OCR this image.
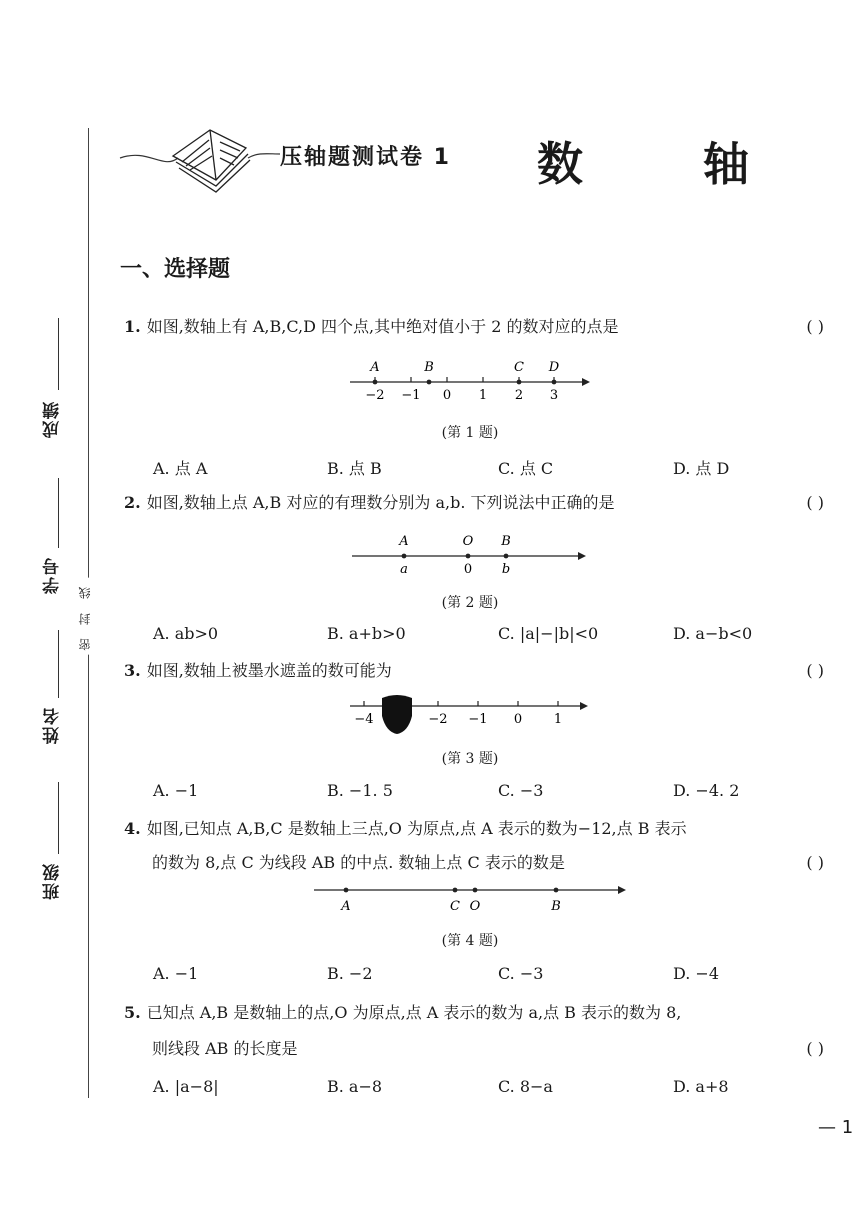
成绩
学号
密 封 线
姓名
班级
压轴题测试卷 1 数 轴
一、选择题
1. 如图,数轴上有 A,B,C,D 四个点,其中绝对值小于 2 的数对应的点是	( )
A	B	C D
−2 −1 0 1 2 3
(第 1 题)
A. 点 A	B. 点 B	C. 点 C	D. 点 D
2. 如图,数轴上点 A,B 对应的有理数分别为 a,b. 下列说法中正确的是	( )
A	O B
a	b
0
(第 2 题)
A. ab>0	B. a+b>0	C. |a|−|b|<0	D. a−b<0
3. 如图,数轴上被墨水遮盖的数可能为	( )
−4	−2 −1 0 1
(第 3 题)
A. −1	B. −1. 5	C. −3	D. −4. 2
4. 如图,已知点 A,B,C 是数轴上三点,O 为原点,点 A 表示的数为−12,点 B 表示
的数为 8,点 C 为线段 AB 的中点. 数轴上点 C 表示的数是	( )
A	C O	B
(第 4 题)
A. −1	B. −2	C. −3	D. −4
5. 已知点 A,B 是数轴上的点,O 为原点,点 A 表示的数为 a,点 B 表示的数为 8,
则线段 AB 的长度是	( )
A. |a−8|	B. a−8	C. 8−a	D. a+8
— 1
